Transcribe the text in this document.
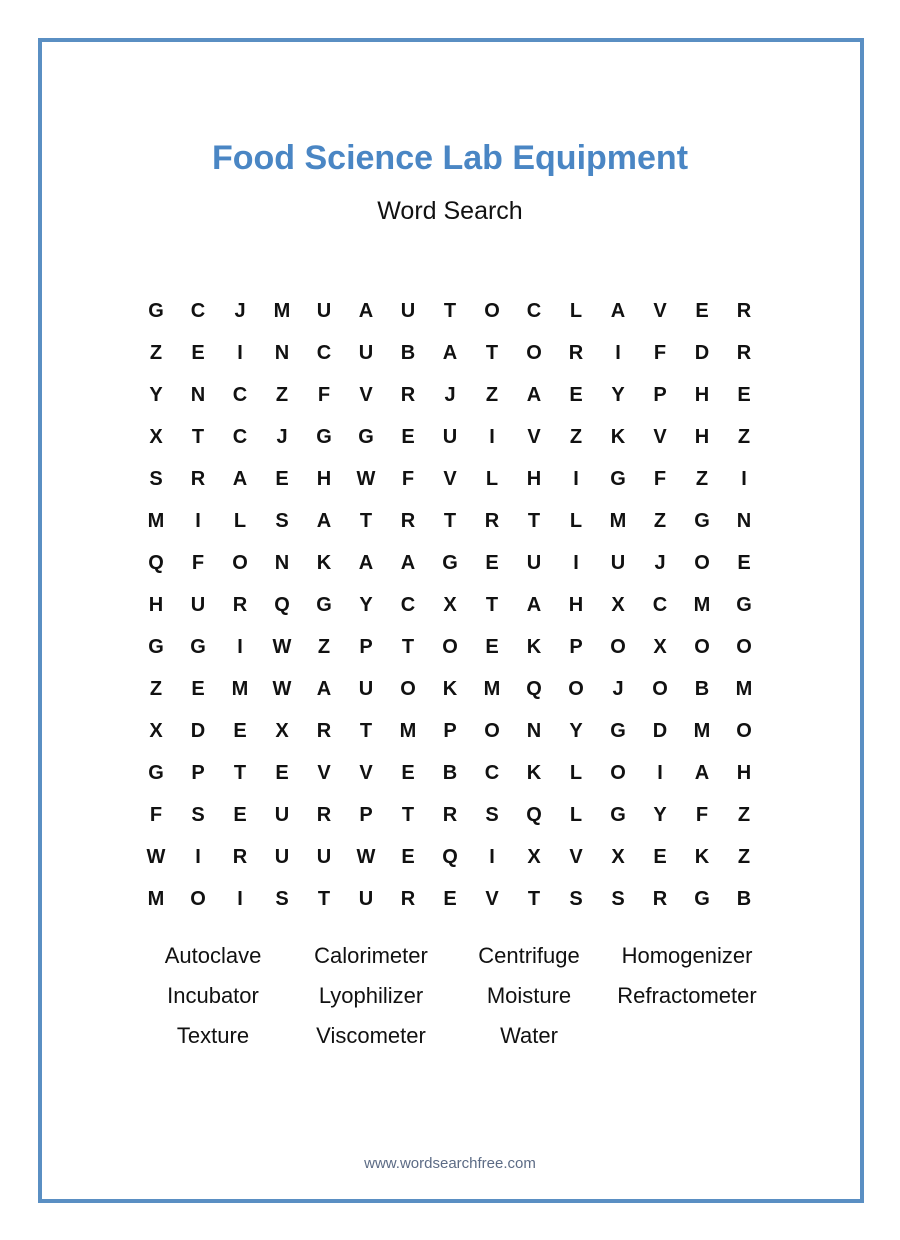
Food Science Lab Equipment
Word Search
G	C	J	M	U	A	U	T	O	C	L	A	V	E	R
Z	E	I	N	C	U	B	A	T	O	R	I	F	D	R
Y	N	C	Z	F	V	R	J	Z	A	E	Y	P	H	E
X	T	C	J	G	G	E	U	I	V	Z	K	V	H	Z
S	R	A	E	H	W	F	V	L	H	I	G	F	Z	I
M	I	L	S	A	T	R	T	R	T	L	M	Z	G	N
Q	F	O	N	K	A	A	G	E	U	I	U	J	O	E
H	U	R	Q	G	Y	C	X	T	A	H	X	C	M	G
G	G	I	W	Z	P	T	O	E	K	P	O	X	O	O
Z	E	M	W	A	U	O	K	M	Q	O	J	O	B	M
X	D	E	X	R	T	M	P	O	N	Y	G	D	M	O
G	P	T	E	V	V	E	B	C	K	L	O	I	A	H
F	S	E	U	R	P	T	R	S	Q	L	G	Y	F	Z
W	I	R	U	U	W	E	Q	I	X	V	X	E	K	Z
M	O	I	S	T	U	R	E	V	T	S	S	R	G	B
Autoclave	Calorimeter	Centrifuge	Homogenizer
Incubator	Lyophilizer	Moisture	Refractometer
Texture	Viscometer	Water
www.wordsearchfree.com
